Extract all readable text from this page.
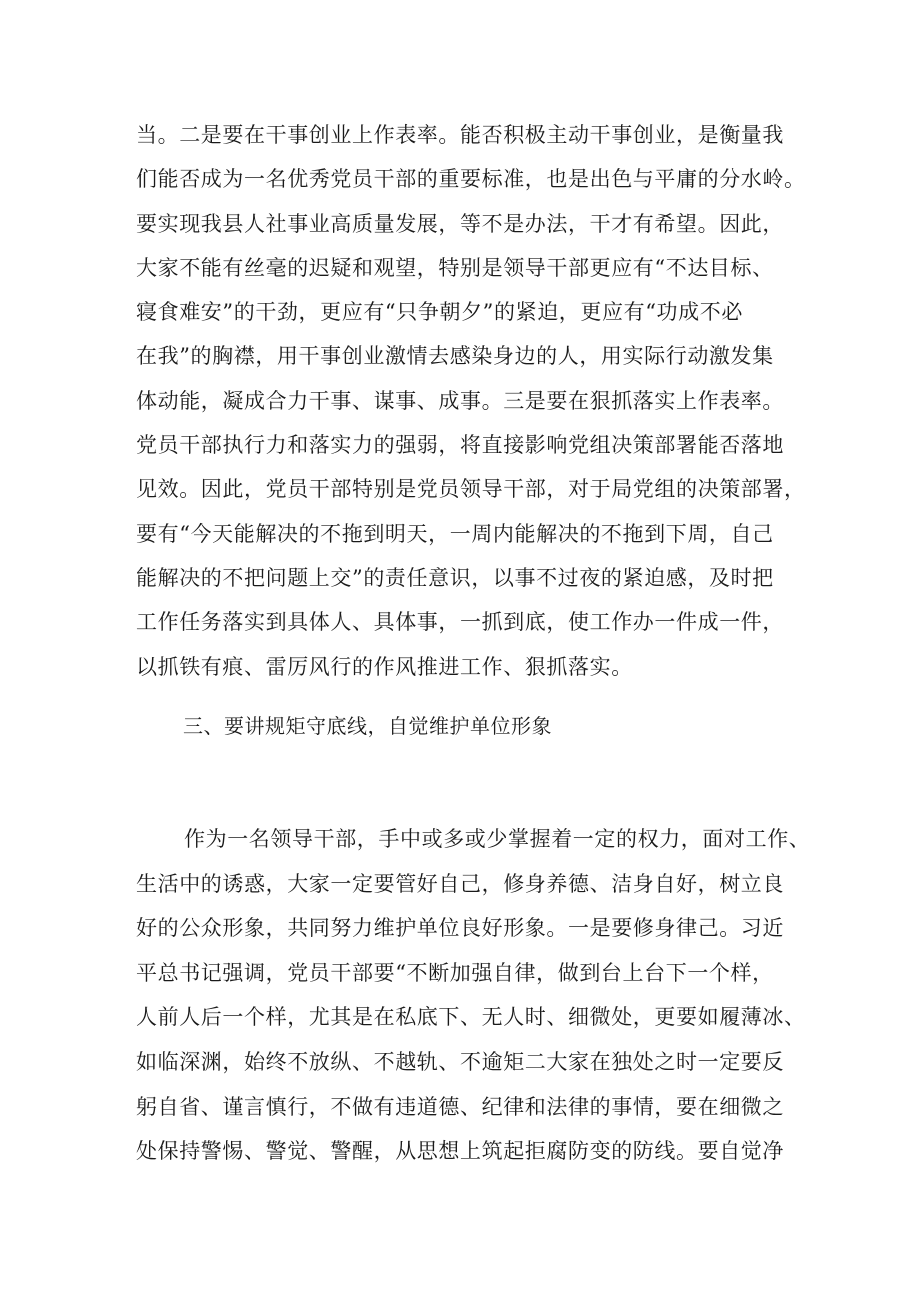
当。二是要在干事创业上作表率。能否积极主动干事创业，是衡量我
们能否成为一名优秀党员干部的重要标准，也是出色与平庸的分水岭。
要实现我县人社事业高质量发展，等不是办法，干才有希望。因此，
大家不能有丝毫的迟疑和观望，特别是领导干部更应有“不达目标、
寝食难安”的干劲，更应有“只争朝夕”的紧迫，更应有“功成不必
在我”的胸襟，用干事创业激情去感染身边的人，用实际行动激发集
体动能，凝成合力干事、谋事、成事。三是要在狠抓落实上作表率。
党员干部执行力和落实力的强弱，将直接影响党组决策部署能否落地
见效。因此，党员干部特别是党员领导干部，对于局党组的决策部署，
要有“今天能解决的不拖到明天，一周内能解决的不拖到下周，自己
能解决的不把问题上交”的责任意识，以事不过夜的紧迫感，及时把
工作任务落实到具体人、具体事，一抓到底，使工作办一件成一件，
以抓铁有痕、雷厉风行的作风推进工作、狠抓落实。
三、要讲规矩守底线，自觉维护单位形象
作为一名领导干部，手中或多或少掌握着一定的权力，面对工作、
生活中的诱惑，大家一定要管好自己，修身养德、洁身自好，树立良
好的公众形象，共同努力维护单位良好形象。一是要修身律己。习近
平总书记强调，党员干部要“不断加强自律，做到台上台下一个样，
人前人后一个样，尤其是在私底下、无人时、细微处，更要如履薄冰、
如临深渊，始终不放纵、不越轨、不逾矩二大家在独处之时一定要反
躬自省、谨言慎行，不做有违道德、纪律和法律的事情，要在细微之
处保持警惕、警觉、警醒，从思想上筑起拒腐防变的防线。要自觉净
